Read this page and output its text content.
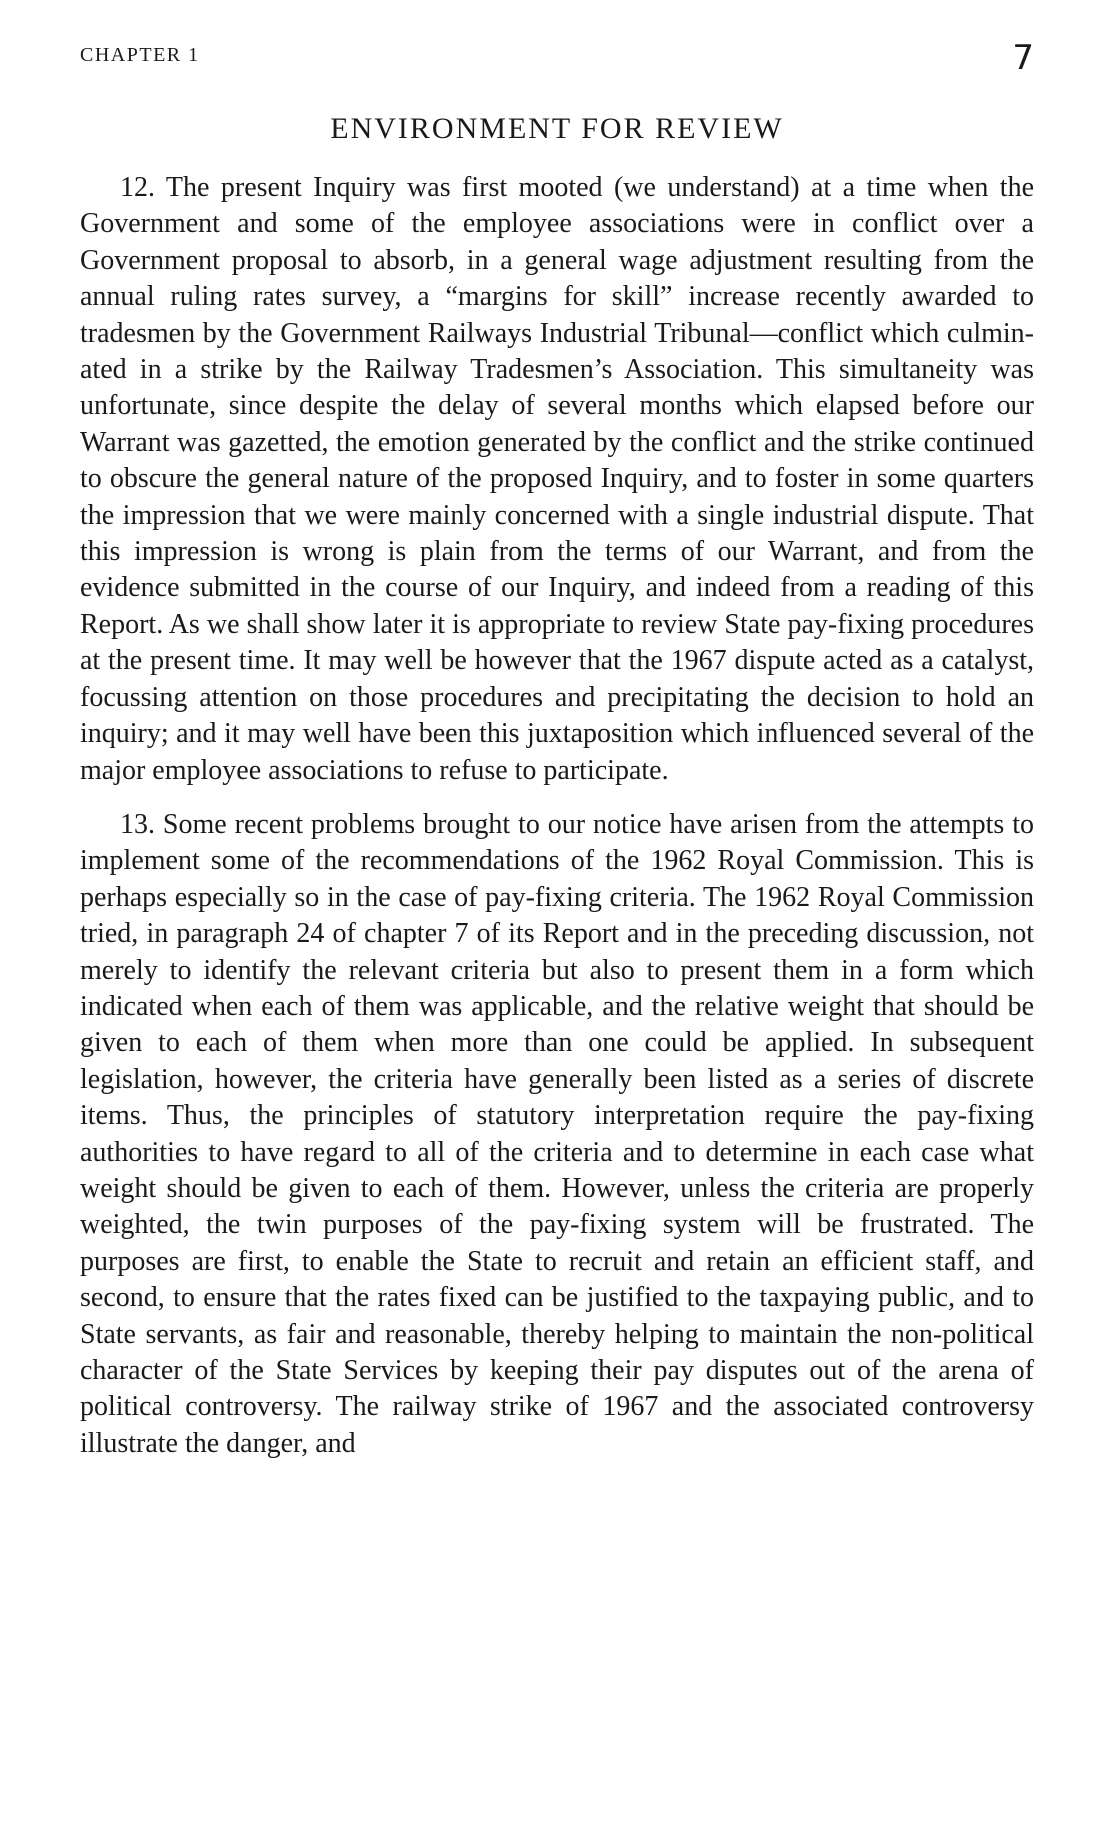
CHAPTER 1	7
ENVIRONMENT FOR REVIEW

12. The present Inquiry was first mooted (we understand) at a time when the Government and some of the employee associations were in conflict over a Government proposal to absorb, in a general wage adjustment resulting from the annual ruling rates survey, a “margins for skill” increase recently awarded to tradesmen by the Government Railways Industrial Tribunal—conflict which culminated in a strike by the Railway Tradesmen’s Association. This simultaneity was unfortunate, since despite the delay of several months which elapsed before our Warrant was gazetted, the emotion generated by the conflict and the strike continued to obscure the general nature of the proposed Inquiry, and to foster in some quarters the impression that we were mainly concerned with a single industrial dispute. That this impression is wrong is plain from the terms of our Warrant, and from the evidence submitted in the course of our Inquiry, and indeed from a reading of this Report. As we shall show later it is appropriate to review State pay-fixing procedures at the present time. It may well be however that the 1967 dispute acted as a catalyst, focussing attention on those procedures and precipitating the decision to hold an inquiry; and it may well have been this juxtaposition which influenced several of the major employee associations to refuse to participate.

13. Some recent problems brought to our notice have arisen from the attempts to implement some of the recommendations of the 1962 Royal Commission. This is perhaps especially so in the case of pay-fixing criteria. The 1962 Royal Commission tried, in paragraph 24 of chapter 7 of its Report and in the preceding discussion, not merely to identify the relevant criteria but also to present them in a form which indicated when each of them was applicable, and the relative weight that should be given to each of them when more than one could be applied. In subsequent legislation, however, the criteria have generally been listed as a series of discrete items. Thus, the principles of statutory interpretation require the pay-fixing authorities to have regard to all of the criteria and to determine in each case what weight should be given to each of them. However, unless the criteria are properly weighted, the twin purposes of the pay-fixing system will be frustrated. The purposes are first, to enable the State to recruit and retain an efficient staff, and second, to ensure that the rates fixed can be justified to the taxpaying public, and to State servants, as fair and reasonable, thereby helping to maintain the non-political character of the State Services by keeping their pay disputes out of the arena of political controversy. The railway strike of 1967 and the associated controversy illustrate the danger, and
